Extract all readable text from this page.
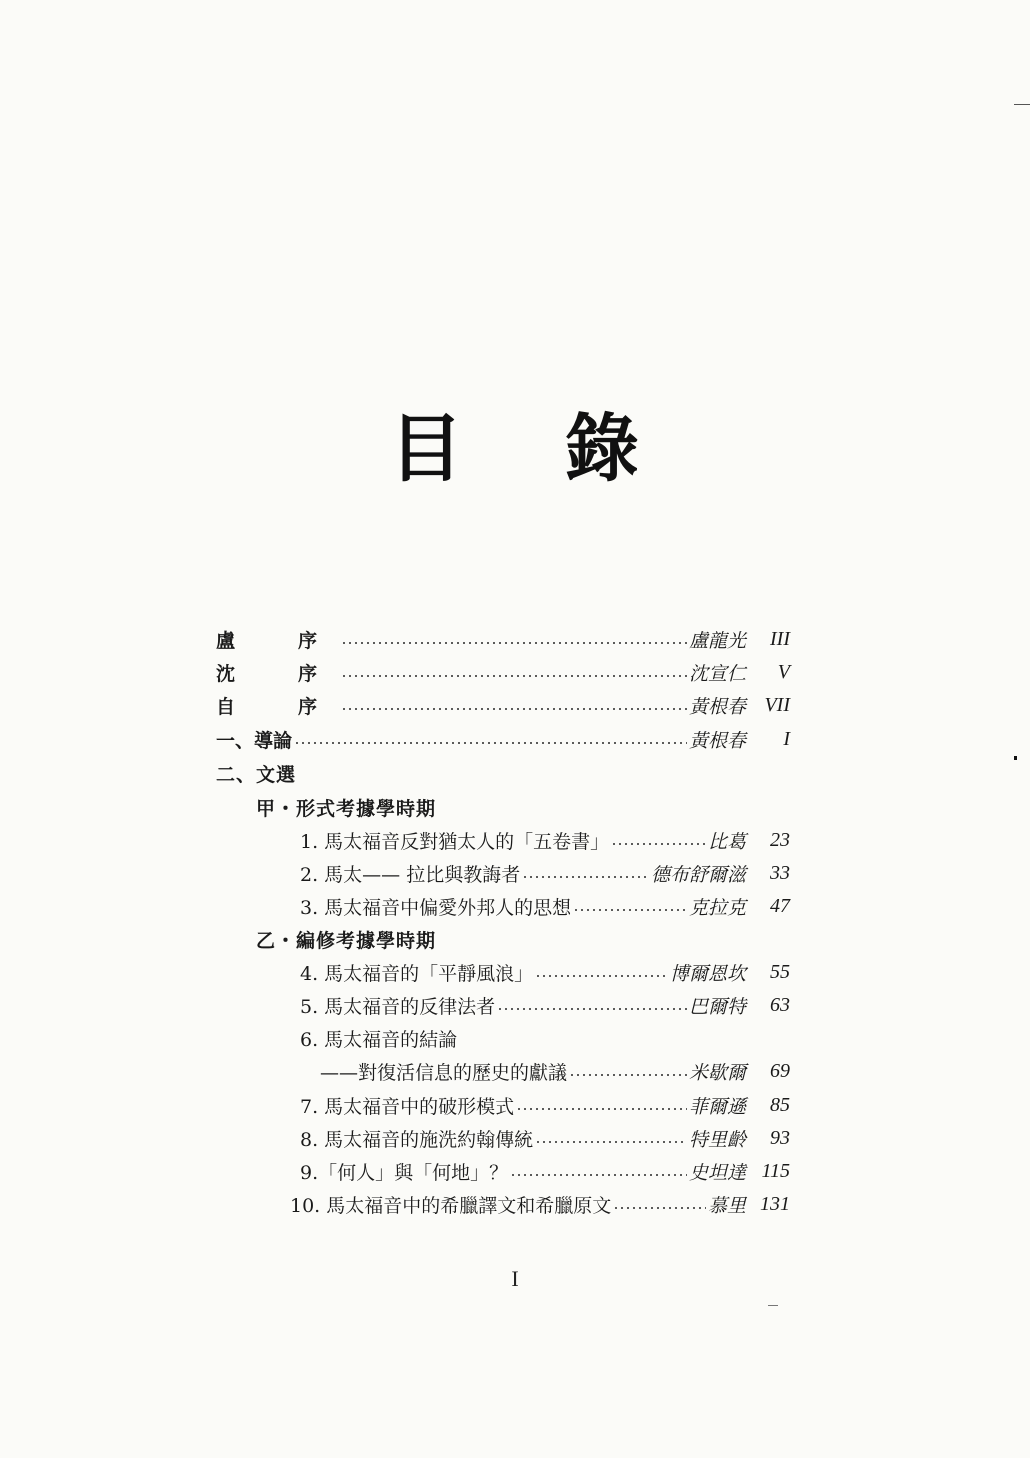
目 錄
盧　序	盧龍光	III
沈　序	沈宣仁	V
自　序	黃根春 VII
一、導論	黃根春	I
二、文選
甲・形式考據學時期
1. 馬太福音反對猶太人的「五卷書」	比葛	23
2. 馬太—— 拉比與教誨者	德布舒爾滋	33
3. 馬太福音中偏愛外邦人的思想	克拉克	47
乙・編修考據學時期
4. 馬太福音的「平靜風浪」	博爾恩坎	55
5. 馬太福音的反律法者	巴爾特	63
6. 馬太福音的結論
——對復活信息的歷史的獻議	米歇爾	69
7. 馬太福音中的破形模式	菲爾遜	85
8. 馬太福音的施洗約翰傳統	特里齡	93
9.「何人」與「何地」？	史坦達 115
10. 馬太福音中的希臘譯文和希臘原文	慕里 131
I
